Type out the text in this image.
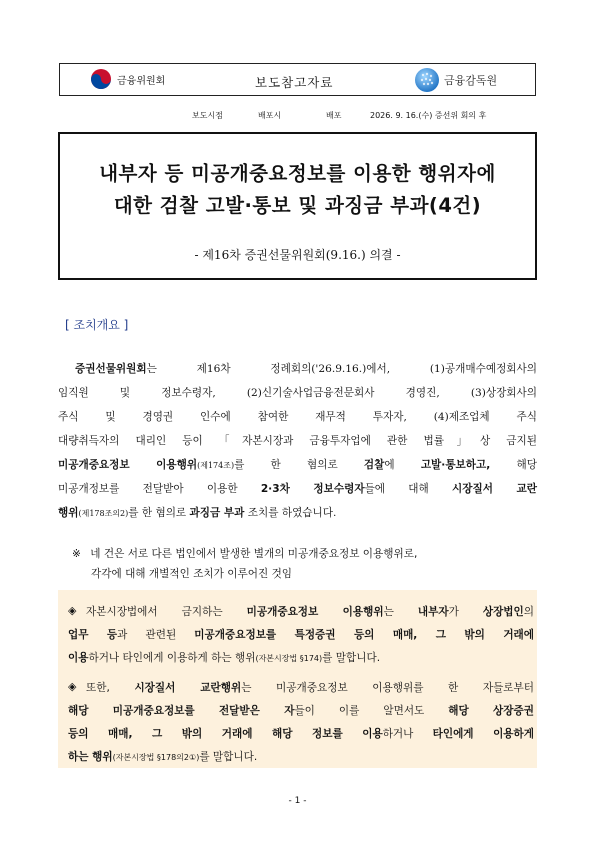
금융위원회	보도참고자료	금융감독원
보도시점	배포시	배포	2026. 9. 16.(수) 증선위 회의 후
내부자 등 미공개중요정보를 이용한 행위자에
대한 검찰 고발·통보 및 과징금 부과(4건)
- 제16차 증권선물위원회(9.16.) 의결 -
[ 조치개요 ]
증권선물위원회는 제16차 정례회의('26.9.16.)에서, (1)공개매수예정회사의
임직원 및 정보수령자, (2)신기술사업금융전문회사 경영진, (3)상장회사의
주식 및 경영권 인수에 참여한 재무적 투자자, (4)제조업체 주식
대량취득자의 대리인 등이 「자본시장과 금융투자업에 관한 법률」상 금지된
미공개중요정보 이용행위(제174조)를 한 혐의로 검찰에 고발·통보하고, 해당
미공개정보를 전달받아 이용한 2·3차 정보수령자들에 대해 시장질서 교란
행위(제178조의2)를 한 혐의로 과징금 부과 조치를 하였습니다.
※ 네 건은 서로 다른 법인에서 발생한 별개의 미공개중요정보 이용행위로,
각각에 대해 개별적인 조치가 이루어진 것임
◈ 자본시장법에서 금지하는 미공개중요정보 이용행위는 내부자가 상장법인의
업무 등과 관련된 미공개중요정보를 특정증권 등의 매매, 그 밖의 거래에
이용하거나 타인에게 이용하게 하는 행위(자본시장법 §174)를 말합니다.
◈ 또한, 시장질서 교란행위는 미공개중요정보 이용행위를 한 자들로부터
해당 미공개중요정보를 전달받은 자들이 이를 알면서도 해당 상장증권
등의 매매, 그 밖의 거래에 해당 정보를 이용하거나 타인에게 이용하게
하는 행위(자본시장법 §178의2①)를 말합니다.
- 1 -
